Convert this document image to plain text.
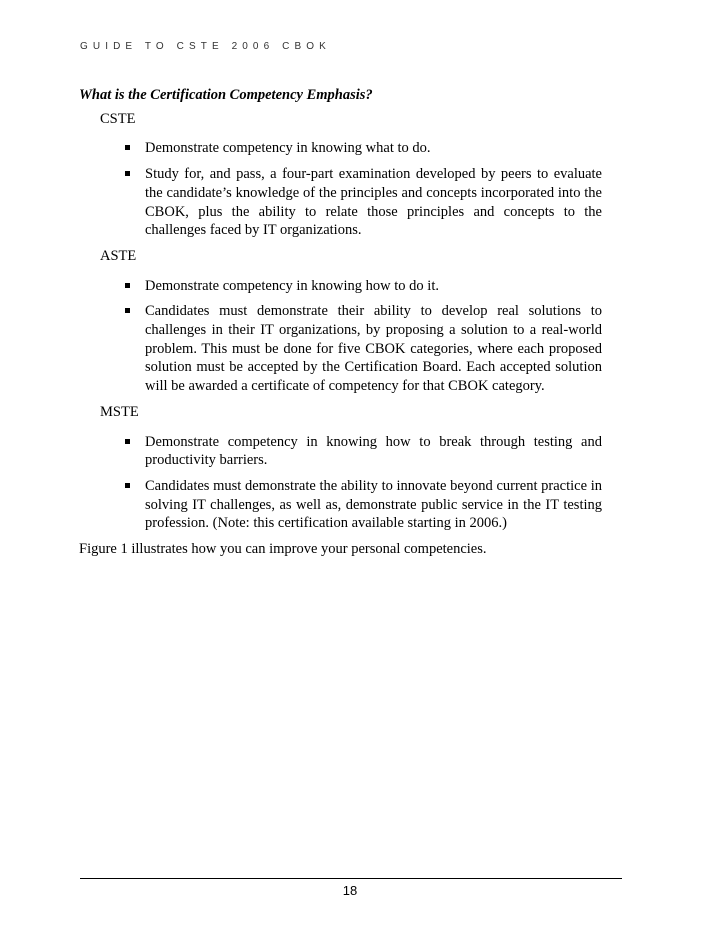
GUIDE TO CSTE 2006 CBOK

What is the Certification Competency Emphasis?

CSTE

Demonstrate competency in knowing what to do.
Study for, and pass, a four-part examination developed by peers to evaluate the candidate’s knowledge of the principles and concepts incorporated into the CBOK, plus the ability to relate those principles and concepts to the challenges faced by IT organizations.

ASTE

Demonstrate competency in knowing how to do it.
Candidates must demonstrate their ability to develop real solutions to challenges in their IT organizations, by proposing a solution to a real-world problem. This must be done for five CBOK categories, where each proposed solution must be accepted by the Certification Board. Each accepted solution will be awarded a certificate of competency for that CBOK category.

MSTE

Demonstrate competency in knowing how to break through testing and productivity barriers.
Candidates must demonstrate the ability to innovate beyond current practice in solving IT challenges, as well as, demonstrate public service in the IT testing profession. (Note: this certification available starting in 2006.)

Figure 1 illustrates how you can improve your personal competencies.

18
